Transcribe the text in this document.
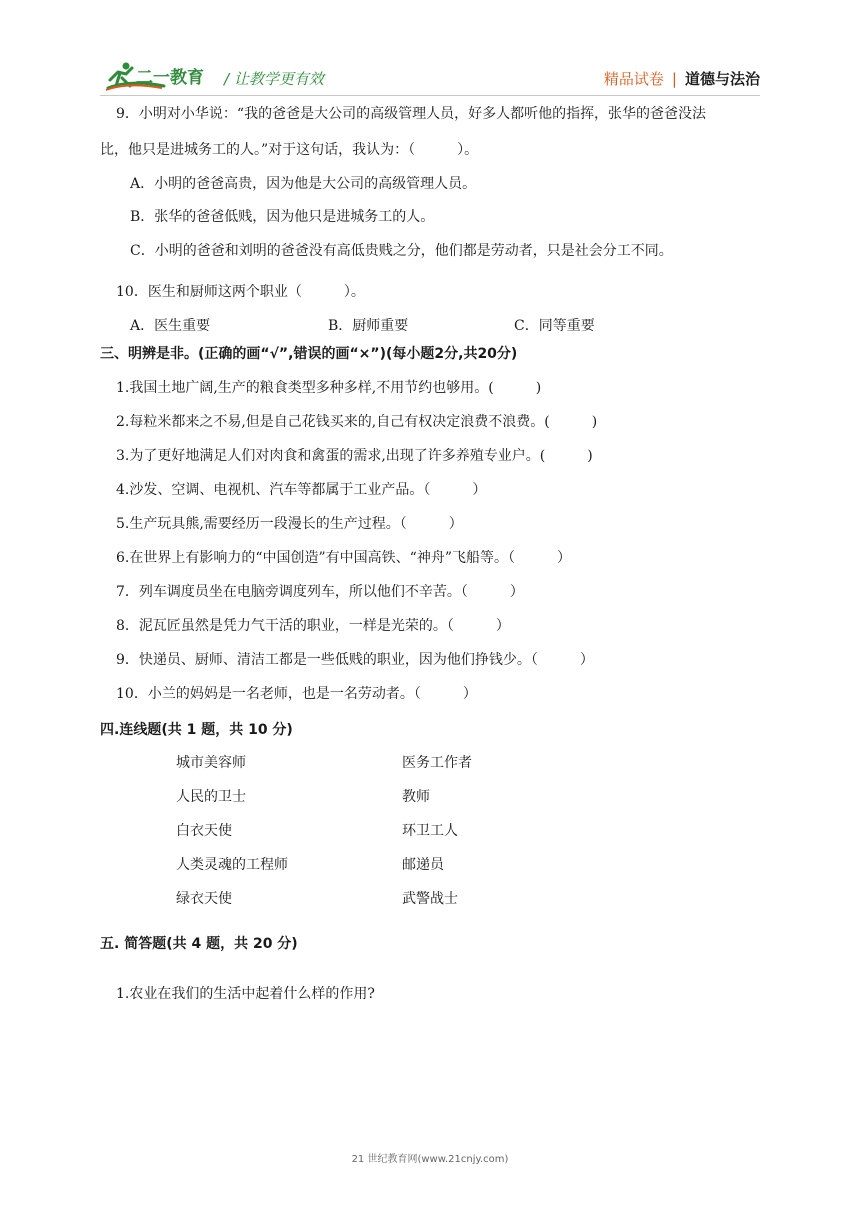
二一教育 / 让教学更有效	精品试卷 | 道德与法治
9．小明对小华说：“我的爸爸是大公司的高级管理人员，好多人都听他的指挥，张华的爸爸没法
比，他只是进城务工的人。”对于这句话，我认为：（　　　）。
A．小明的爸爸高贵，因为他是大公司的高级管理人员。
B．张华的爸爸低贱，因为他只是进城务工的人。
C．小明的爸爸和刘明的爸爸没有高低贵贱之分，他们都是劳动者，只是社会分工不同。
10．医生和厨师这两个职业（　　　）。
A．医生重要	B．厨师重要	C．同等重要
三、明辨是非。(正确的画“√”,错误的画“×”)(每小题2分,共20分)
1.我国土地广阔,生产的粮食类型多种多样,不用节约也够用。(　　　)
2.每粒米都来之不易,但是自己花钱买来的,自己有权决定浪费不浪费。(　　　)
3.为了更好地满足人们对肉食和禽蛋的需求,出现了许多养殖专业户。(　　　)
4.沙发、空调、电视机、汽车等都属于工业产品。（　　　）
5.生产玩具熊,需要经历一段漫长的生产过程。（　　　）
6.在世界上有影响力的“中国创造”有中国高铁、“神舟”飞船等。（　　　）
7．列车调度员坐在电脑旁调度列车，所以他们不辛苦。（　　　）
8．泥瓦匠虽然是凭力气干活的职业，一样是光荣的。（　　　）
9．快递员、厨师、清洁工都是一些低贱的职业，因为他们挣钱少。（　　　）
10．小兰的妈妈是一名老师，也是一名劳动者。（　　　）
四.连线题(共 1 题，共 10 分)
城市美容师	医务工作者
人民的卫士	教师
白衣天使	环卫工人
人类灵魂的工程师	邮递员
绿衣天使	武警战士
五. 简答题(共 4 题，共 20 分)
1.农业在我们的生活中起着什么样的作用?
21 世纪教育网(www.21cnjy.com)
